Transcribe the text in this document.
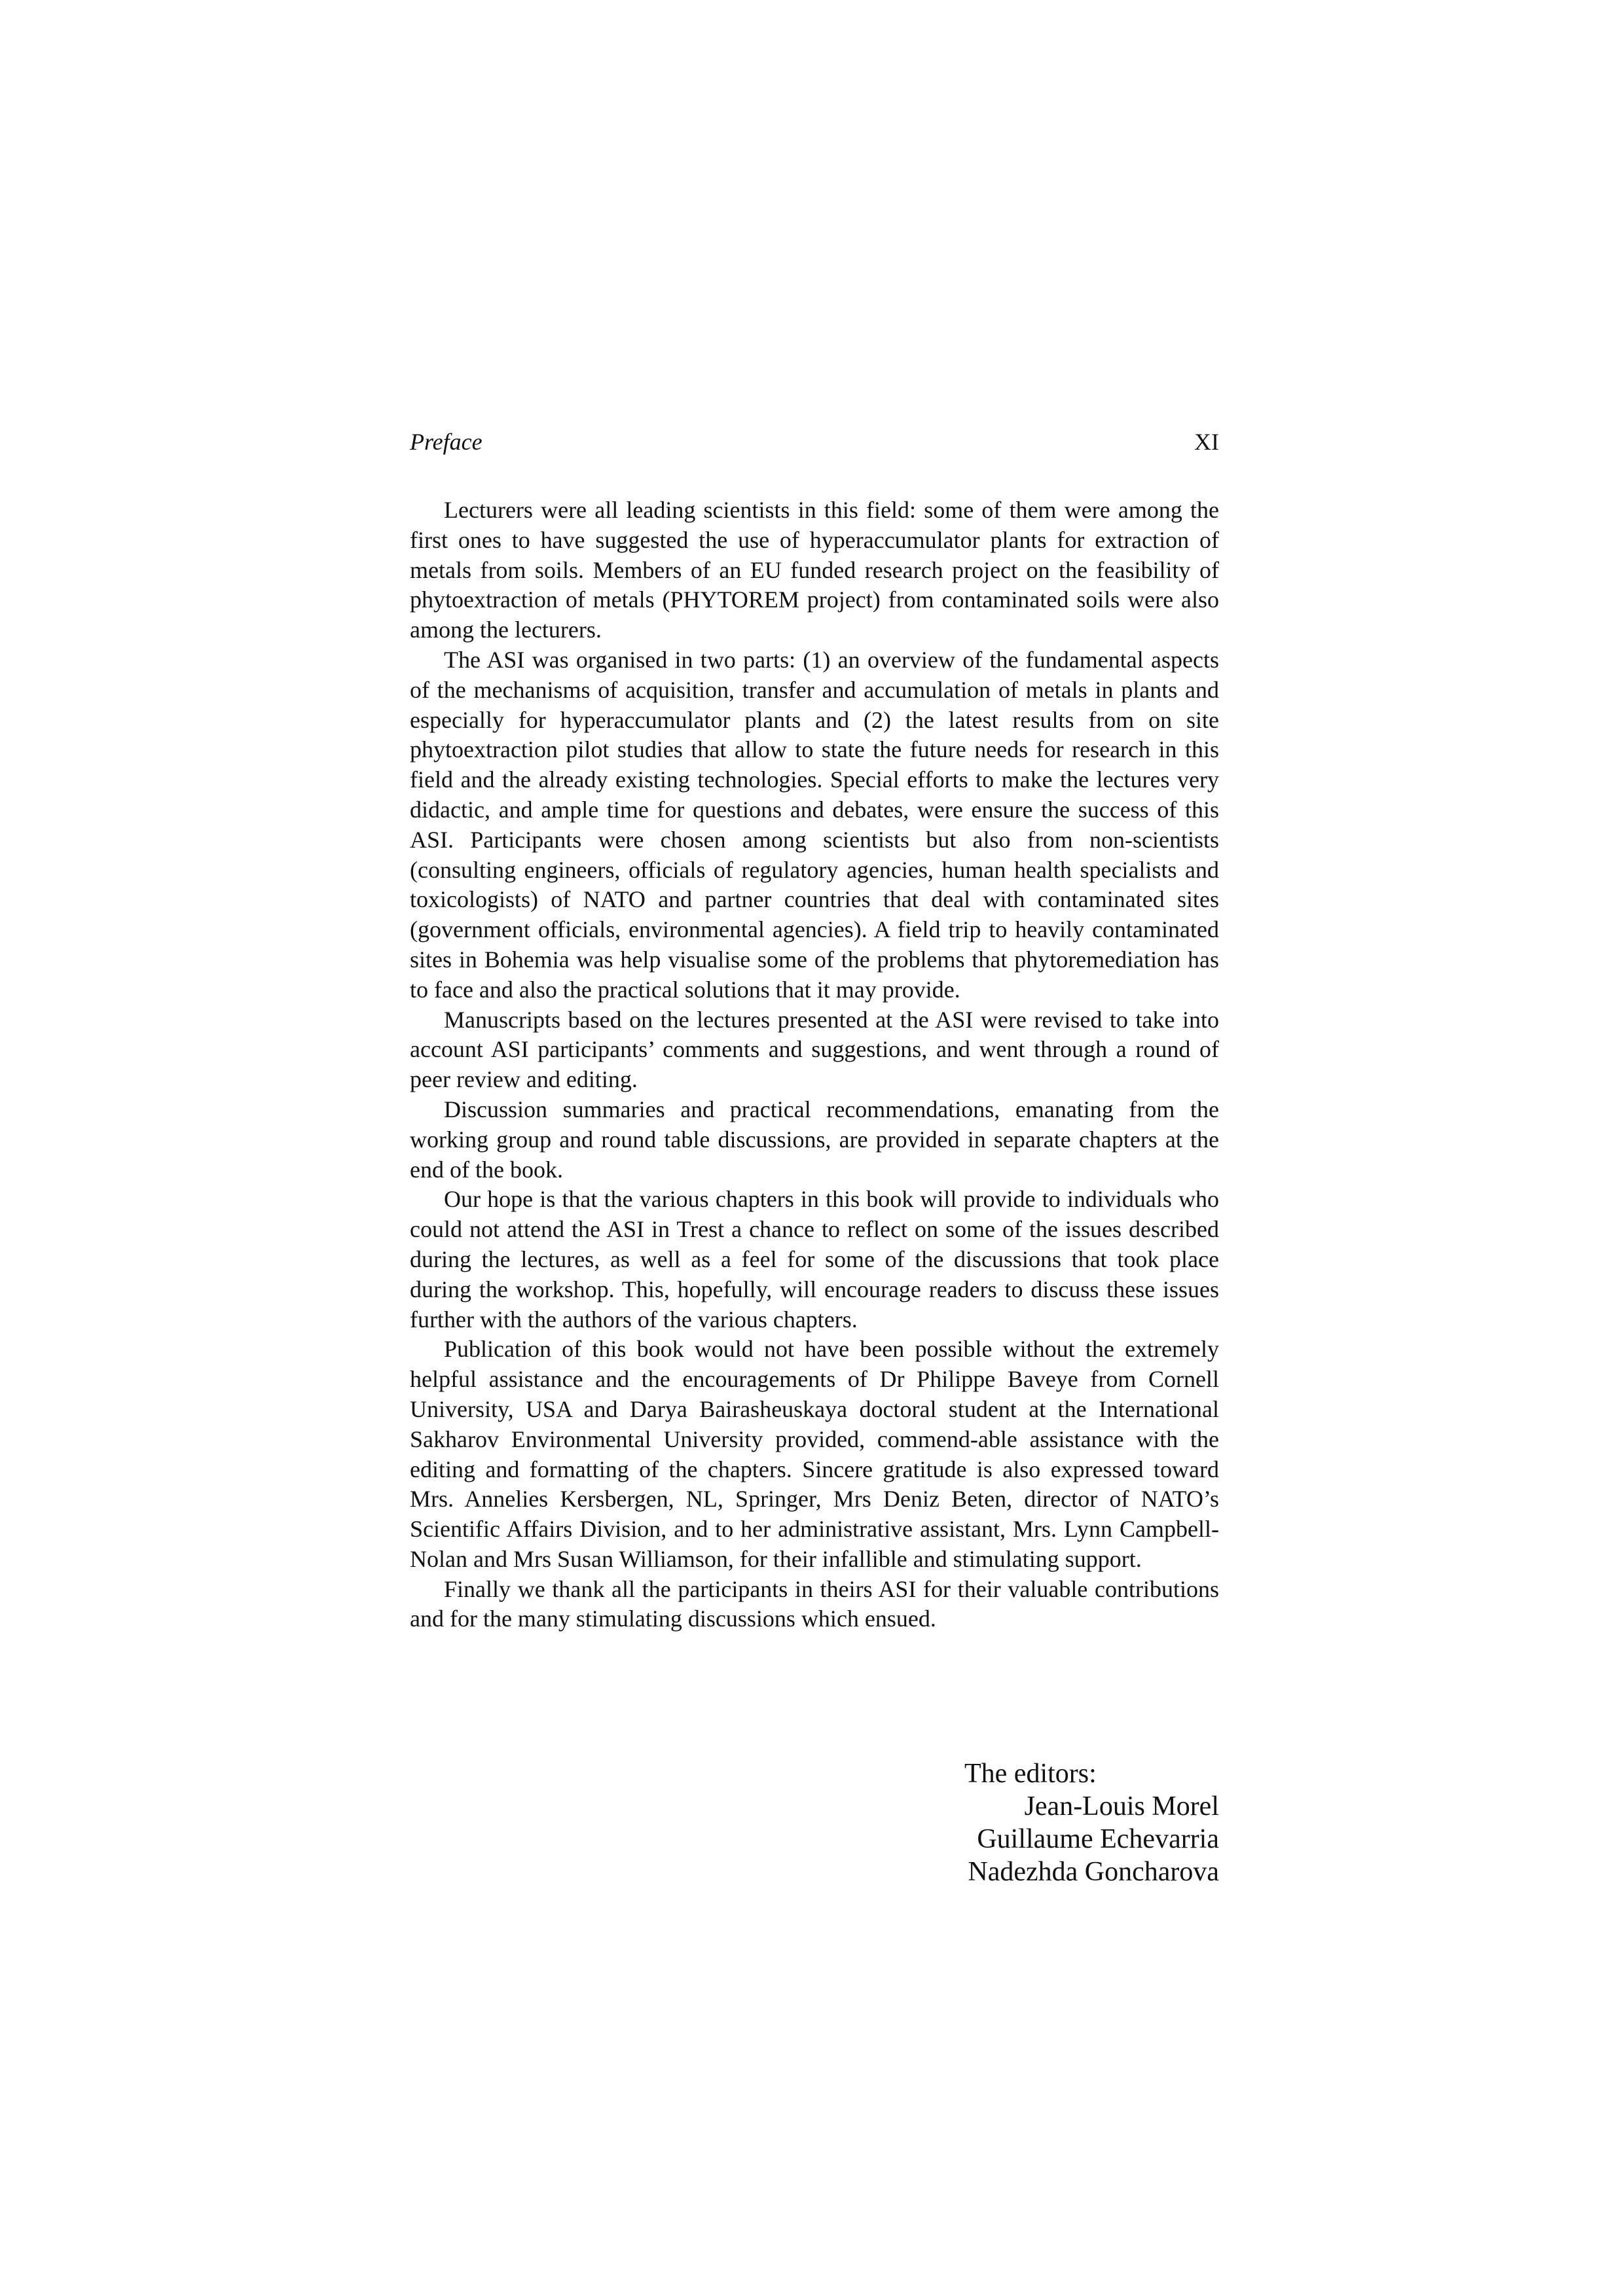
Preface	XI

Lecturers were all leading scientists in this field: some of them were among the first ones to have suggested the use of hyperaccumulator plants for extraction of metals from soils. Members of an EU funded research project on the feasibility of phytoextraction of metals (PHYTOREM project) from contaminated soils were also among the lecturers.

The ASI was organised in two parts: (1) an overview of the fundamental aspects of the mechanisms of acquisition, transfer and accumulation of metals in plants and especially for hyperaccumulator plants and (2) the latest results from on site phytoextraction pilot studies that allow to state the future needs for research in this field and the already existing technologies. Special efforts to make the lectures very didactic, and ample time for questions and debates, were ensure the success of this ASI. Participants were chosen among scientists but also from non-scientists (consulting engineers, officials of regulatory agencies, human health specialists and toxicologists) of NATO and partner countries that deal with contaminated sites (government officials, environmental agencies). A field trip to heavily contaminated sites in Bohemia was help visualise some of the problems that phytoremediation has to face and also the practical solutions that it may provide.

Manuscripts based on the lectures presented at the ASI were revised to take into account ASI participants’ comments and suggestions, and went through a round of peer review and editing.

Discussion summaries and practical recommendations, emanating from the working group and round table discussions, are provided in separate chapters at the end of the book.

Our hope is that the various chapters in this book will provide to individuals who could not attend the ASI in Trest a chance to reflect on some of the issues described during the lectures, as well as a feel for some of the discussions that took place during the workshop. This, hopefully, will encourage readers to discuss these issues further with the authors of the various chapters.

Publication of this book would not have been possible without the extremely helpful assistance and the encouragements of Dr Philippe Baveye from Cornell University, USA and Darya Bairasheuskaya doctoral student at the International Sakharov Environmental University provided, commend-able assistance with the editing and formatting of the chapters. Sincere gratitude is also expressed toward Mrs. Annelies Kersbergen, NL, Springer, Mrs Deniz Beten, director of NATO’s Scientific Affairs Division, and to her administrative assistant, Mrs. Lynn Campbell- Nolan and Mrs Susan Williamson, for their infallible and stimulating support.

Finally we thank all the participants in theirs ASI for their valuable contributions and for the many stimulating discussions which ensued.

The editors:
Jean-Louis Morel
Guillaume Echevarria
Nadezhda Goncharova
